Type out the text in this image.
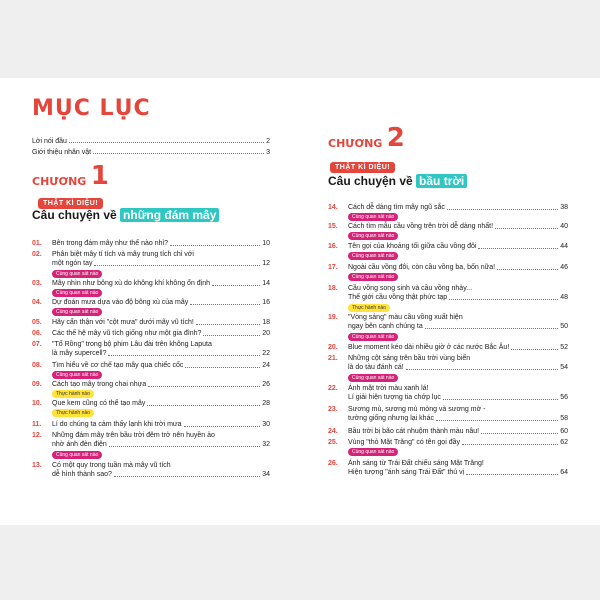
MỤC LỤC
Lời nói đầu	2
Giới thiệu nhân vật	3
CHƯƠNG 1
THẬT KÌ DIỆU!
Câu chuyện về những đám mây
CHƯƠNG 2
THẬT KÌ DIỆU!
Câu chuyện về bầu trời
01.	Bên trong đám mây như thế nào nhỉ?	10
02.	Phân biệt mây tí tích và mây trung tích chỉ với
một ngón tay	12
Cùng quan sát nào
03.	Mây nhìn như bông xù do không khí không ổn định	14
Cùng quan sát nào
04.	Dự đoán mưa dựa vào độ bông xù của mây	16
Cùng quan sát nào
05.	Hãy cẩn thận với "cột mưa" dưới mây vũ tích!	18
06.	Các thế hệ mây vũ tích giống như một gia đình?	20
07.	"Tổ Rồng" trong bộ phim Lâu đài trên không Laputa
là mây supercell?	22
08.	Tìm hiểu về cơ chế tạo mây qua chiếc cốc	24
Cùng quan sát nào
09.	Cách tạo mây trong chai nhựa	26
Thực hành nào
10.	Que kem cũng có thể tạo mây	28
Thực hành nào
11.	Lí do chúng ta cảm thấy lạnh khi trời mưa	30
12.	Những đám mây trên bầu trời đêm trở nên huyền ảo
nhờ ánh đèn điện	32
Cùng quan sát nào
13.	Có một quy trong tuần mà mây vũ tích
dễ hình thành sao?	34
14.	Cách dễ dàng tìm mây ngũ sắc	38
Cùng quan sát nào
15.	Cách tìm mẫu cầu vồng trên trời dễ dàng nhất!	40
Cùng quan sát nào
16.	Tên gọi của khoảng tối giữa cầu vồng đôi	44
Cùng quan sát nào
17.	Ngoài cầu vồng đôi, còn cầu vồng ba, bốn nữa!	46
Cùng quan sát nào
18.	Cầu vồng song sinh và cầu vồng nhảy...
Thế giới cầu vồng thật phức tạp	48
Thực hành nào
19.	"Vòng sáng" màu cầu vồng xuất hiện
ngay bên cạnh chúng ta	50
Cùng quan sát nào
20.	Blue moment kéo dài nhiều giờ ở các nước Bắc Âu!	52
21.	Những cột sáng trên bầu trời vùng biển
là do tàu đánh cá!	54
Cùng quan sát nào
22.	Ánh mặt trời màu xanh lá!
Lí giải hiện tượng tia chớp lục	56
23.	Sương mù, sương mù mỏng và sương mờ -
tưởng giống nhưng lại khác	58
24.	Bầu trời bị bão cát nhuộm thành màu nâu!	60
25.	Vùng "thỏ Mặt Trăng" có tên gọi đầy	62
Cùng quan sát nào
26.	Ánh sáng từ Trái Đất chiếu sáng Mặt Trăng!
Hiện tượng "ánh sáng Trái Đất" thú vị	64
